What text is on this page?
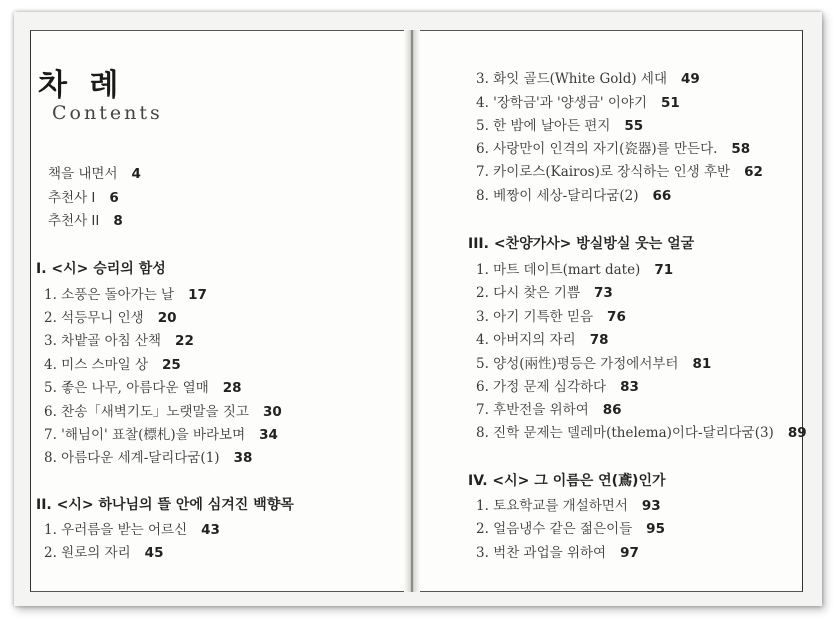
차 례
Contents
책을 내면서 4
추천사 I 6
추천사 II 8
I. <시> 승리의 함성
1. 소풍은 돌아가는 날 17
2. 석등무니 인생 20
3. 차밭골 아침 산책 22
4. 미스 스마일 상 25
5. 좋은 나무, 아름다운 열매 28
6. 찬송「새벽기도」노랫말을 짓고 30
7. '해님이' 표찰(標札)을 바라보며 34
8. 아름다운 세계-달리다굼(1) 38
II. <시> 하나님의 뜰 안에 심겨진 백향목
1. 우러름을 받는 어르신 43
2. 원로의 자리 45
3. 화잇 골드(White Gold) 세대 49
4. '장학금'과 '양생금' 이야기 51
5. 한 밤에 날아든 편지 55
6. 사랑만이 인격의 자기(瓷器)를 만든다. 58
7. 카이로스(Kairos)로 장식하는 인생 후반 62
8. 베짱이 세상-달리다굼(2) 66
III. <찬양가사> 방실방실 웃는 얼굴
1. 마트 데이트(mart date) 71
2. 다시 찾은 기쁨 73
3. 아기 기특한 믿음 76
4. 아버지의 자리 78
5. 양성(兩性)평등은 가정에서부터 81
6. 가정 문제 심각하다 83
7. 후반전을 위하여 86
8. 진학 문제는 델레마(thelema)이다-달리다굼(3) 89
IV. <시> 그 이름은 연(鳶)인가
1. 토요학교를 개설하면서 93
2. 얼음냉수 같은 젊은이들 95
3. 벅찬 과업을 위하여 97
